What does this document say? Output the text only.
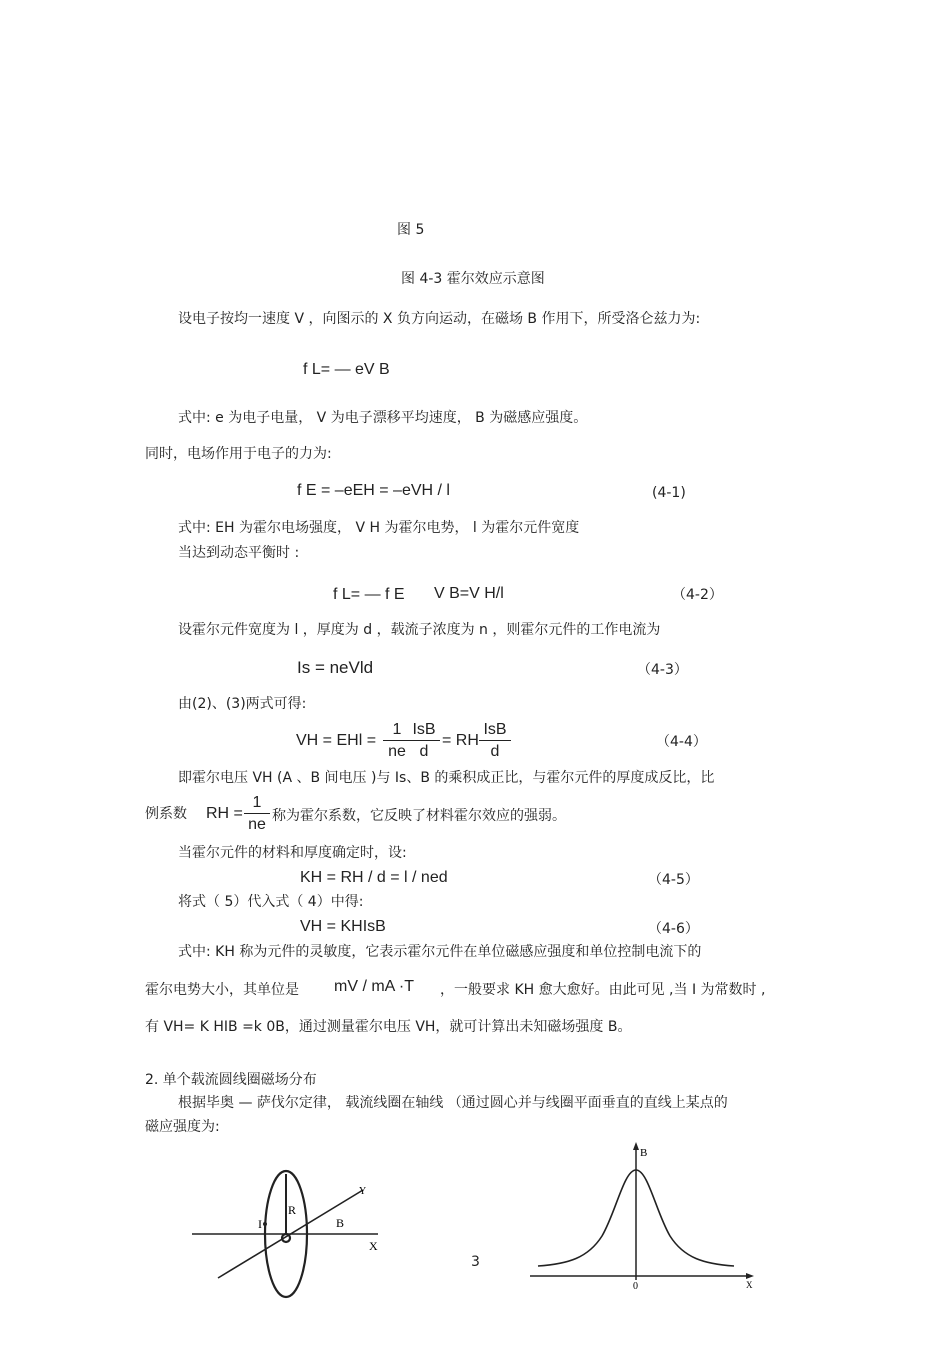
图 5
图 4-3 霍尔效应示意图
设电子按均一速度 V ，向图示的 X 负方向运动，在磁场 B 作用下，所受洛仑兹力为:
f L= — eV B
式中: e 为电子电量， V 为电子漂移平均速度， B 为磁感应强度。
同时，电场作用于电子的力为:
f E = –eEH = –eVH / l	(4-1)
式中: EH 为霍尔电场强度， V H 为霍尔电势， l 为霍尔元件宽度
当达到动态平衡时 :
f L= — f E V B=V H/l	（4-2）
设霍尔元件宽度为 l ，厚度为 d ，载流子浓度为 n ，则霍尔元件的工作电流为
Is = neVld	（4-3）
由(2)、(3)两式可得:
VH = EHl = $\frac{1}{ne}$ IsB
d
= RH
IsB
d
（4-4）
即霍尔电压 VH (A 、B 间电压 )与 Is、B 的乘积成正比，与霍尔元件的厚度成反比，比
例系数 RH = $\frac{1}{ne}$ 称为霍尔系数，它反映了材料霍尔效应的强弱。
当霍尔元件的材料和厚度确定时，设:
KH = RH / d = l / ned	（4-5）
将式（ 5）代入式（ 4）中得:
VH = KHIsB	（4-6）
式中: KH 称为元件的灵敏度，它表示霍尔元件在单位磁感应强度和单位控制电流下的
霍尔电势大小，其单位是 mV / mA ·T ，一般要求 KH 愈大愈好。由此可见 ,当 I 为常数时 ,
有 VH= K HIB =k 0B，通过测量霍尔电压 VH，就可计算出未知磁场强度 B。
2. 单个载流圆线圈磁场分布
根据毕奥 — 萨伐尔定律， 载流线圈在轴线 （通过圆心并与线圈平面垂直的直线上某点的
磁应强度为:
I
R
B
X
Y
3
B
0	X
